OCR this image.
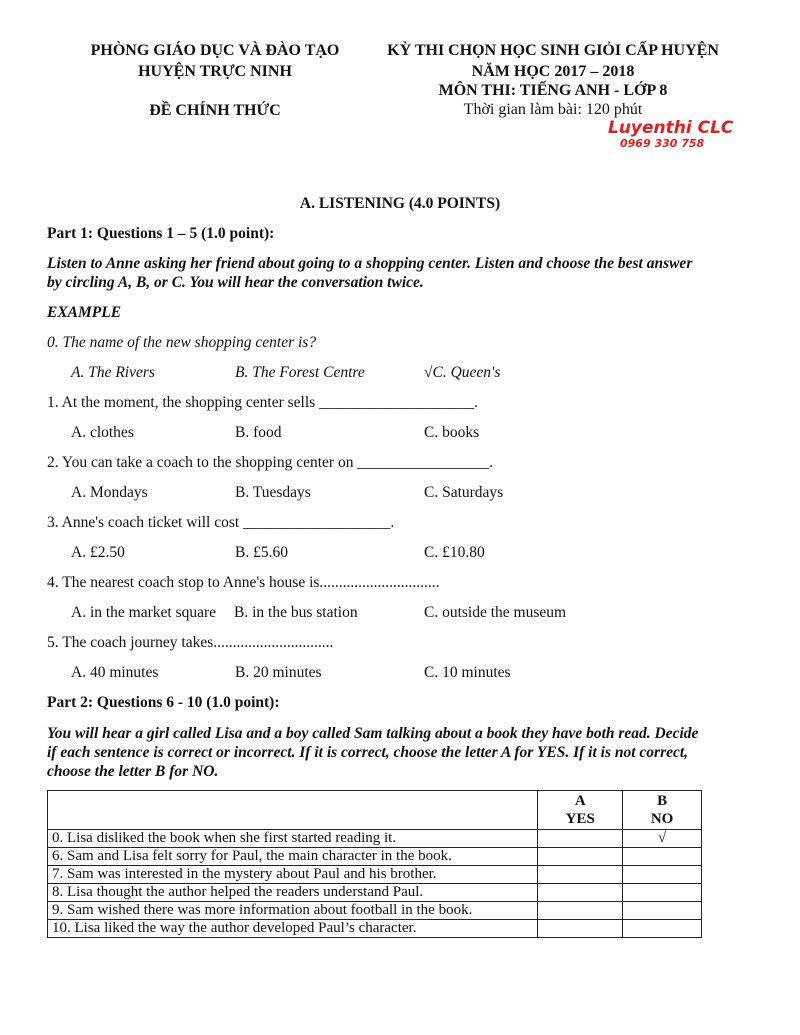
PHÒNG GIÁO DỤC VÀ ĐÀO TẠO
HUYỆN TRỰC NINH
ĐỀ CHÍNH THỨC
KỲ THI CHỌN HỌC SINH GIỎI CẤP HUYỆN
NĂM HỌC 2017 – 2018
MÔN THI: TIẾNG ANH - LỚP 8
Thời gian làm bài: 120 phút
Luyenthi CLC
0969 330 758
A. LISTENING (4.0 POINTS)
Part 1: Questions 1 – 5 (1.0 point):
Listen to Anne asking her friend about going to a shopping center. Listen and choose the best answer
by circling A, B, or C. You will hear the conversation twice.
EXAMPLE
0. The name of the new shopping center is?
A. The Rivers	B. The Forest Centre	√C. Queen's
1. At the moment, the shopping center sells ____________________.
A. clothes	B. food	C. books
2. You can take a coach to the shopping center on _________________.
A. Mondays	B. Tuesdays	C. Saturdays
3. Anne's coach ticket will cost ___________________.
A. £2.50	B. £5.60	C. £10.80
4. The nearest coach stop to Anne's house is...............................
A. in the market square B. in the bus station	C. outside the museum
5. The coach journey takes...............................
A. 40 minutes	B. 20 minutes	C. 10 minutes
Part 2: Questions 6 - 10 (1.0 point):
You will hear a girl called Lisa and a boy called Sam talking about a book they have both read. Decide
if each sentence is correct or incorrect. If it is correct, choose the letter A for YES. If it is not correct,
choose the letter B for NO.
	A
YES	B
NO
0. Lisa disliked the book when she first started reading it.		√
6. Sam and Lisa felt sorry for Paul, the main character in the book.		
7. Sam was interested in the mystery about Paul and his brother.		
8. Lisa thought the author helped the readers understand Paul.		
9. Sam wished there was more information about football in the book.		
10. Lisa liked the way the author developed Paul’s character.		
